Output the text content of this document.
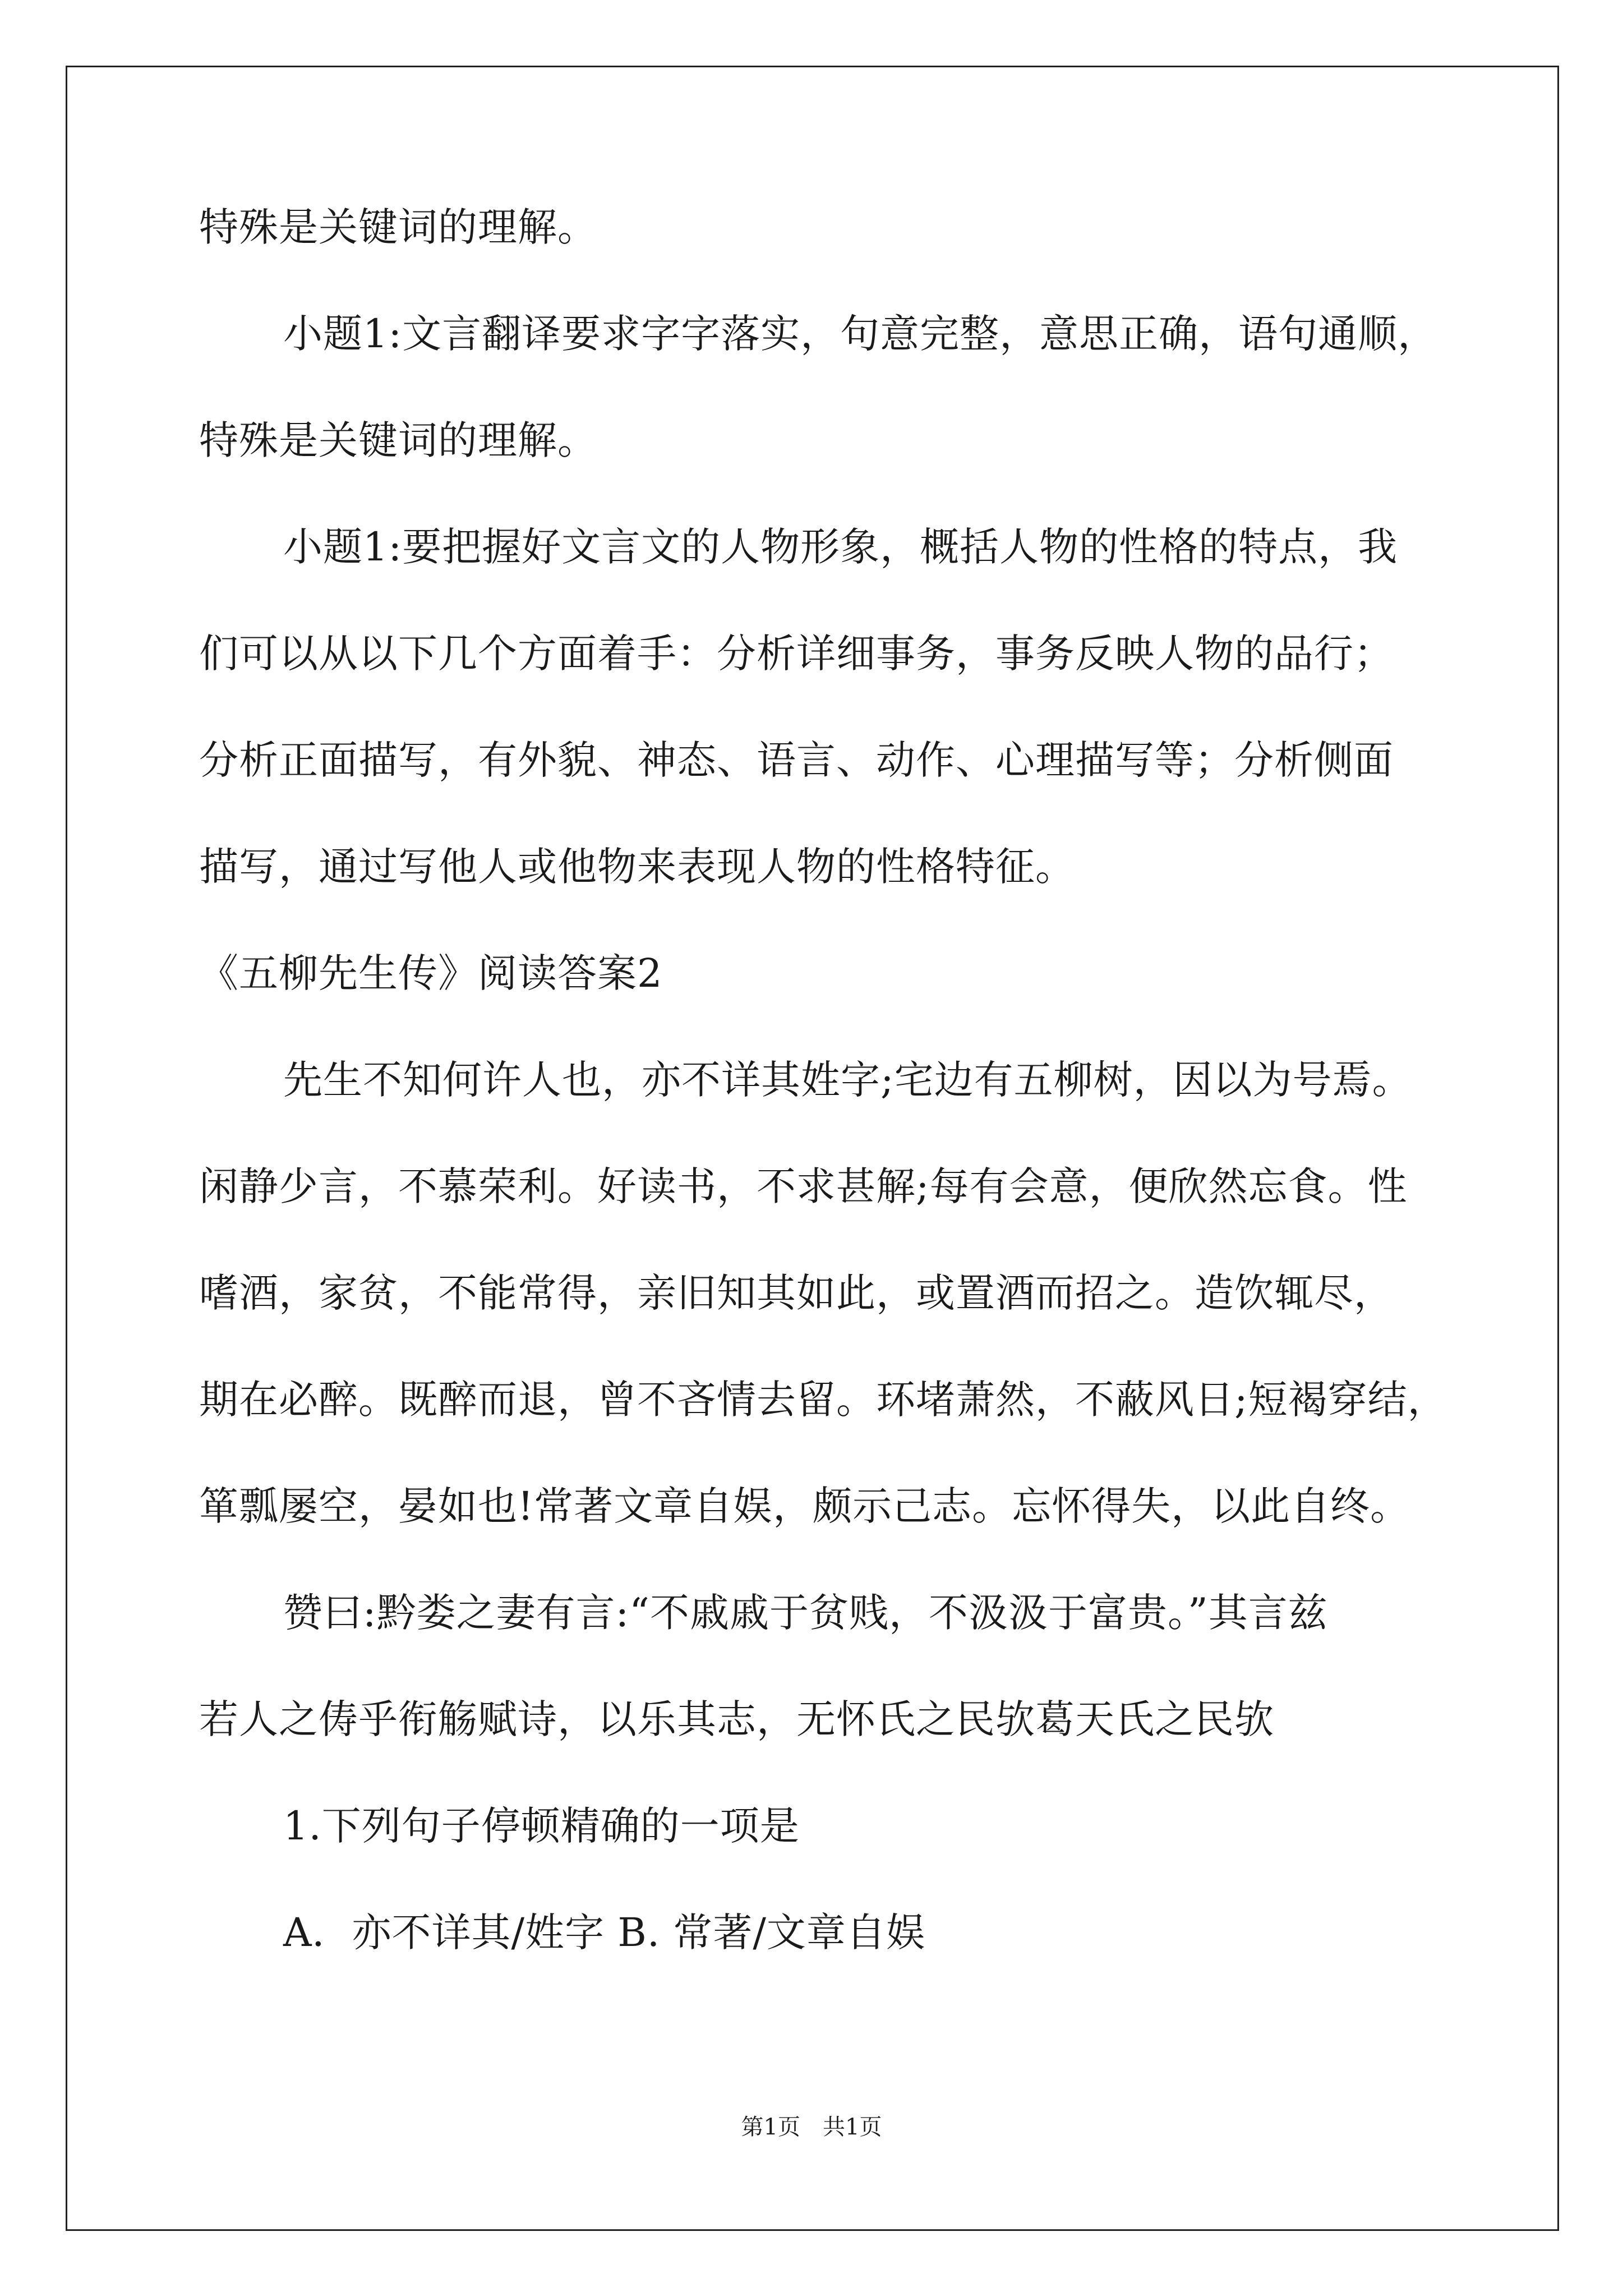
特殊是关键词的理解。
小题1:文言翻译要求字字落实，句意完整，意思正确，语句通顺，
特殊是关键词的理解。
小题1:要把握好文言文的人物形象，概括人物的性格的特点，我
们可以从以下几个方面着手：分析详细事务，事务反映人物的品行；
分析正面描写，有外貌、神态、语言、动作、心理描写等；分析侧面
描写，通过写他人或他物来表现人物的性格特征。
《五柳先生传》阅读答案2
先生不知何许人也，亦不详其姓字;宅边有五柳树，因以为号焉。
闲静少言，不慕荣利。好读书，不求甚解;每有会意，便欣然忘食。性
嗜酒，家贫，不能常得，亲旧知其如此，或置酒而招之。造饮辄尽，
期在必醉。既醉而退，曾不吝情去留。环堵萧然，不蔽风日;短褐穿结，
箪瓢屡空，晏如也!常著文章自娱，颇示己志。忘怀得失，以此自终。
赞曰:黔娄之妻有言:“不戚戚于贫贱，不汲汲于富贵。”其言兹
若人之俦乎衔觞赋诗，以乐其志，无怀氏之民欤葛天氏之民欤
1.下列句子停顿精确的一项是
A．亦不详其/姓字 B. 常著/文章自娱
第1页　共1页
